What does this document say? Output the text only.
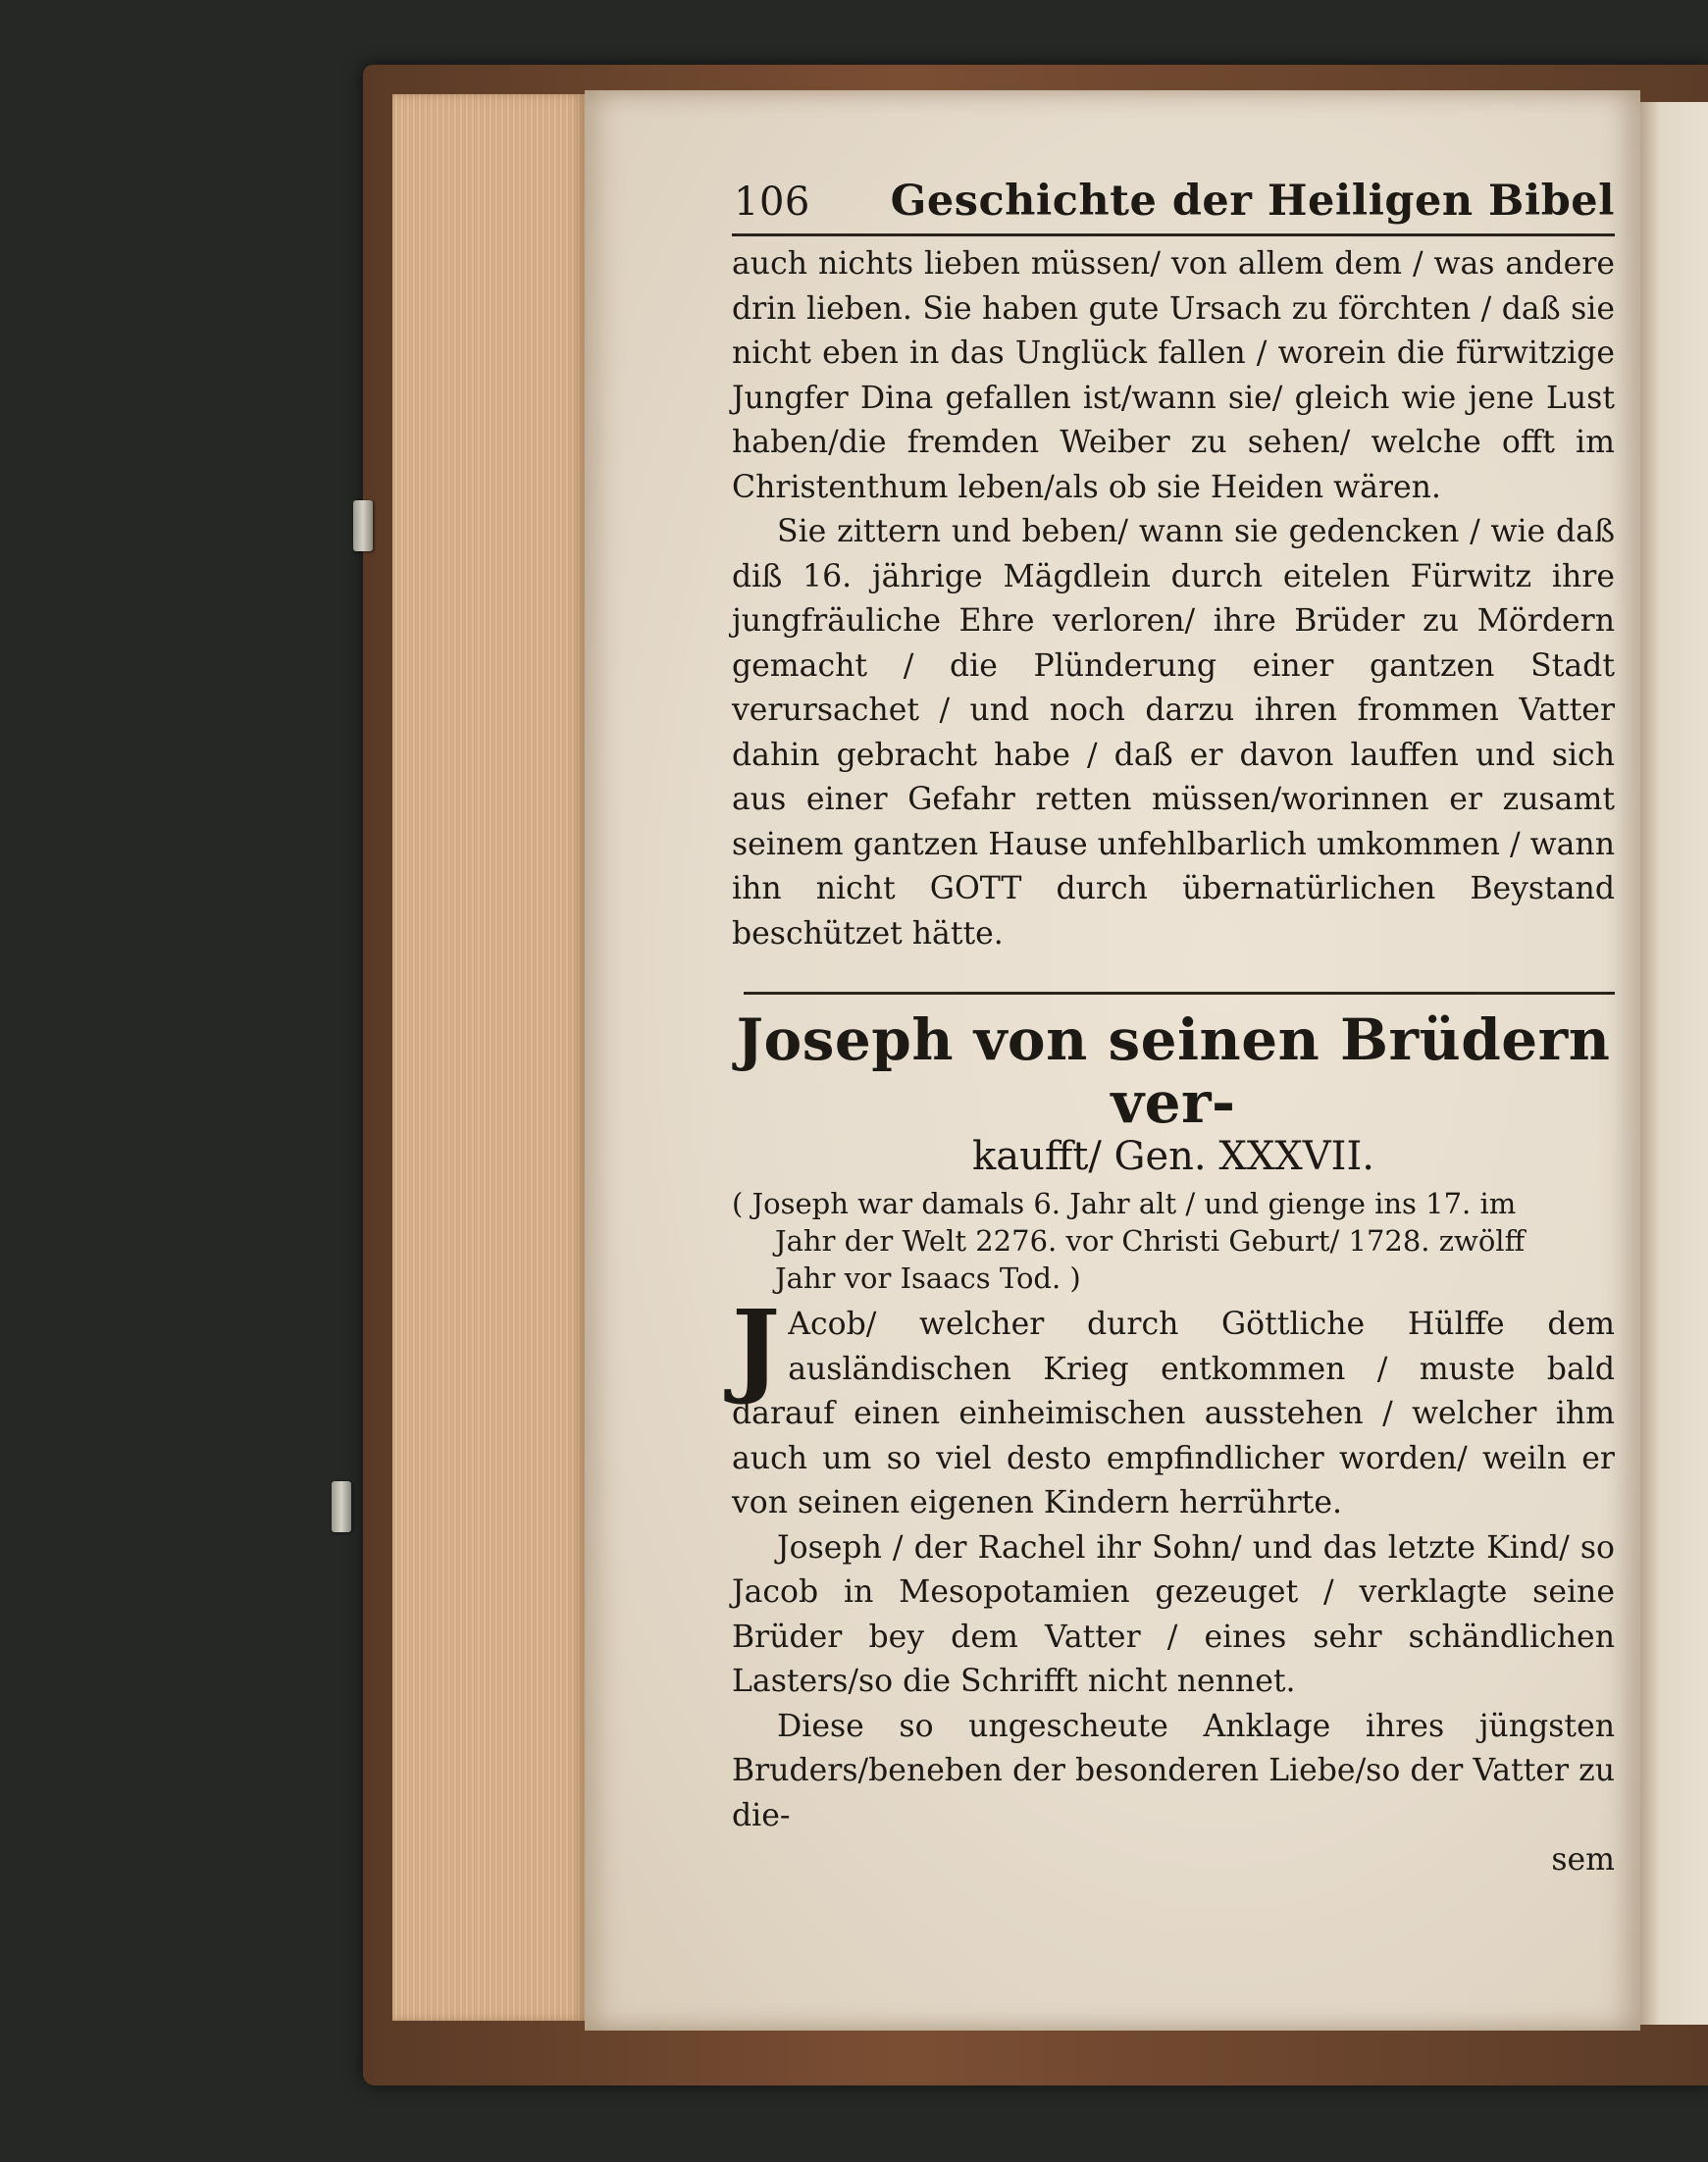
106 Geschichte der Heiligen Bibel

auch nichts lieben müssen/ von allem dem / was andere drin lieben. Sie haben gute Ursach zu förchten / daß sie nicht eben in das Unglück fallen / worein die fürwitzige Jungfer Dina gefallen ist/wann sie/ gleich wie jene Lust haben/die fremden Weiber zu sehen/ welche offt im Christenthum leben/als ob sie Heiden wären.

Sie zittern und beben/ wann sie gedencken / wie daß diß 16. jährige Mägdlein durch eitelen Fürwitz ihre jungfräuliche Ehre verloren/ ihre Brüder zu Mördern gemacht / die Plünderung einer gantzen Stadt verursachet / und noch darzu ihren frommen Vatter dahin gebracht habe / daß er davon lauffen und sich aus einer Gefahr retten müssen/worinnen er zusamt seinem gantzen Hause unfehlbarlich umkommen / wann ihn nicht GOTT durch übernatürlichen Beystand beschützet hätte.

Joseph von seinen Brüdern ver-
kaufft/ Gen. XXXVII.
( Joseph war damals 6. Jahr alt / und gienge ins 17. im
Jahr der Welt 2276. vor Christi Geburt/ 1728. zwölff
Jahr vor Isaacs Tod. )

J Acob/ welcher durch Göttliche Hülffe dem ausländischen Krieg entkommen / muste bald darauf einen einheimischen ausstehen / welcher ihm auch um so viel desto empfindlicher worden/ weiln er von seinen eigenen Kindern herrührte.

Joseph / der Rachel ihr Sohn/ und das letzte Kind/ so Jacob in Mesopotamien gezeuget / verklagte seine Brüder bey dem Vatter / eines sehr schändlichen Lasters/so die Schrifft nicht nennet.

Diese so ungescheute Anklage ihres jüngsten Bruders/beneben der besonderen Liebe/so der Vatter zu die-

sem
